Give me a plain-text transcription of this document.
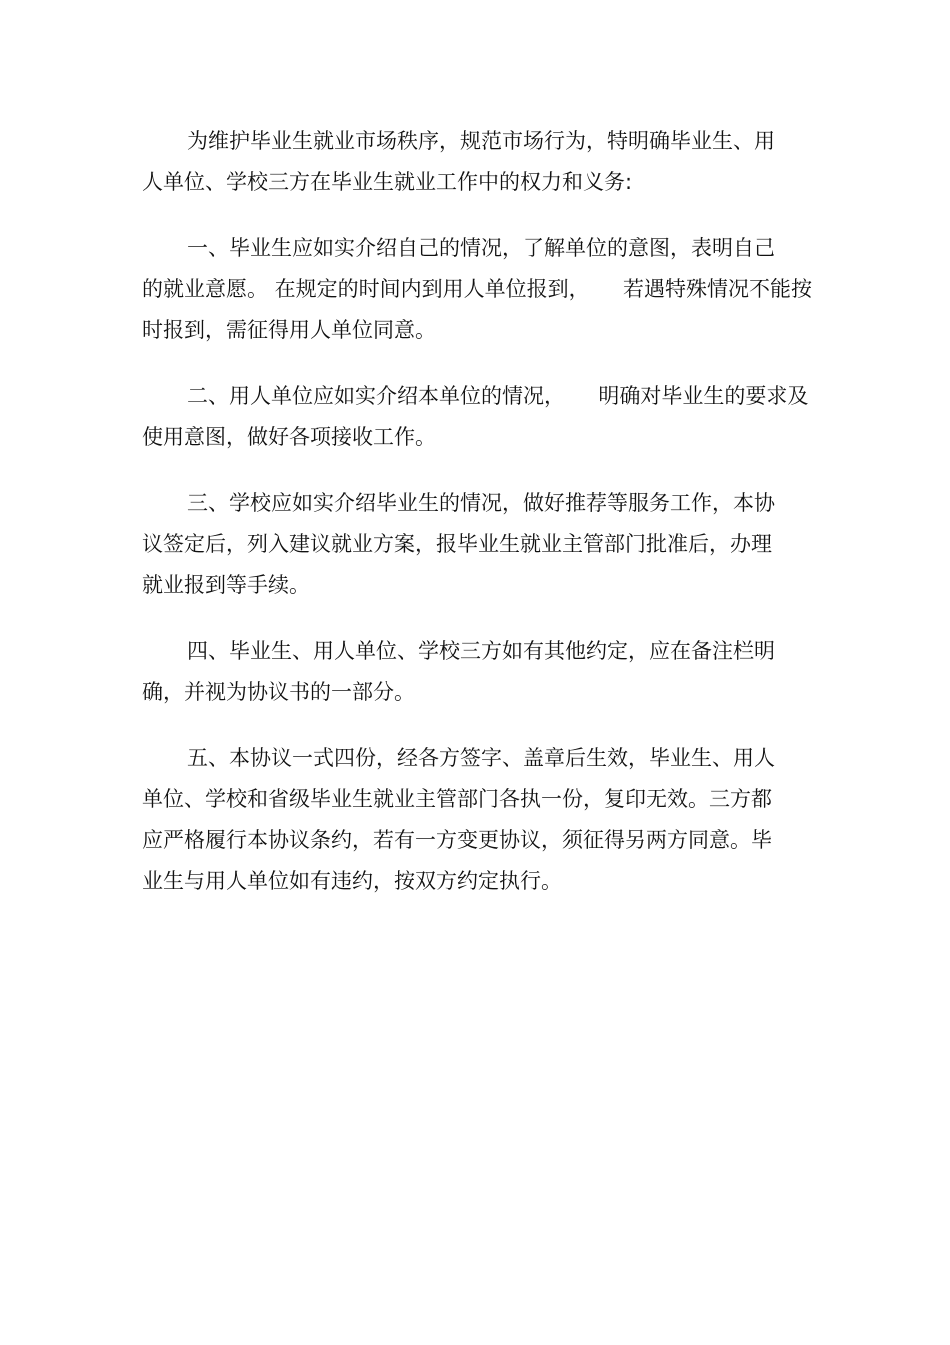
为维护毕业生就业市场秩序，规范市场行为，特明确毕业生、用
人单位、学校三方在毕业生就业工作中的权力和义务:
一、毕业生应如实介绍自己的情况，了解单位的意图，表明自己
的就业意愿。 在规定的时间内到用人单位报到，     若遇特殊情况不能按
时报到，需征得用人单位同意。
二、用人单位应如实介绍本单位的情况，     明确对毕业生的要求及
使用意图，做好各项接收工作。
三、学校应如实介绍毕业生的情况，做好推荐等服务工作，本协
议签定后，列入建议就业方案，报毕业生就业主管部门批准后，办理
就业报到等手续。
四、毕业生、用人单位、学校三方如有其他约定，应在备注栏明
确，并视为协议书的一部分。
五、本协议一式四份，经各方签字、盖章后生效，毕业生、用人
单位、学校和省级毕业生就业主管部门各执一份，复印无效。三方都
应严格履行本协议条约，若有一方变更协议，须征得另两方同意。毕
业生与用人单位如有违约，按双方约定执行。
